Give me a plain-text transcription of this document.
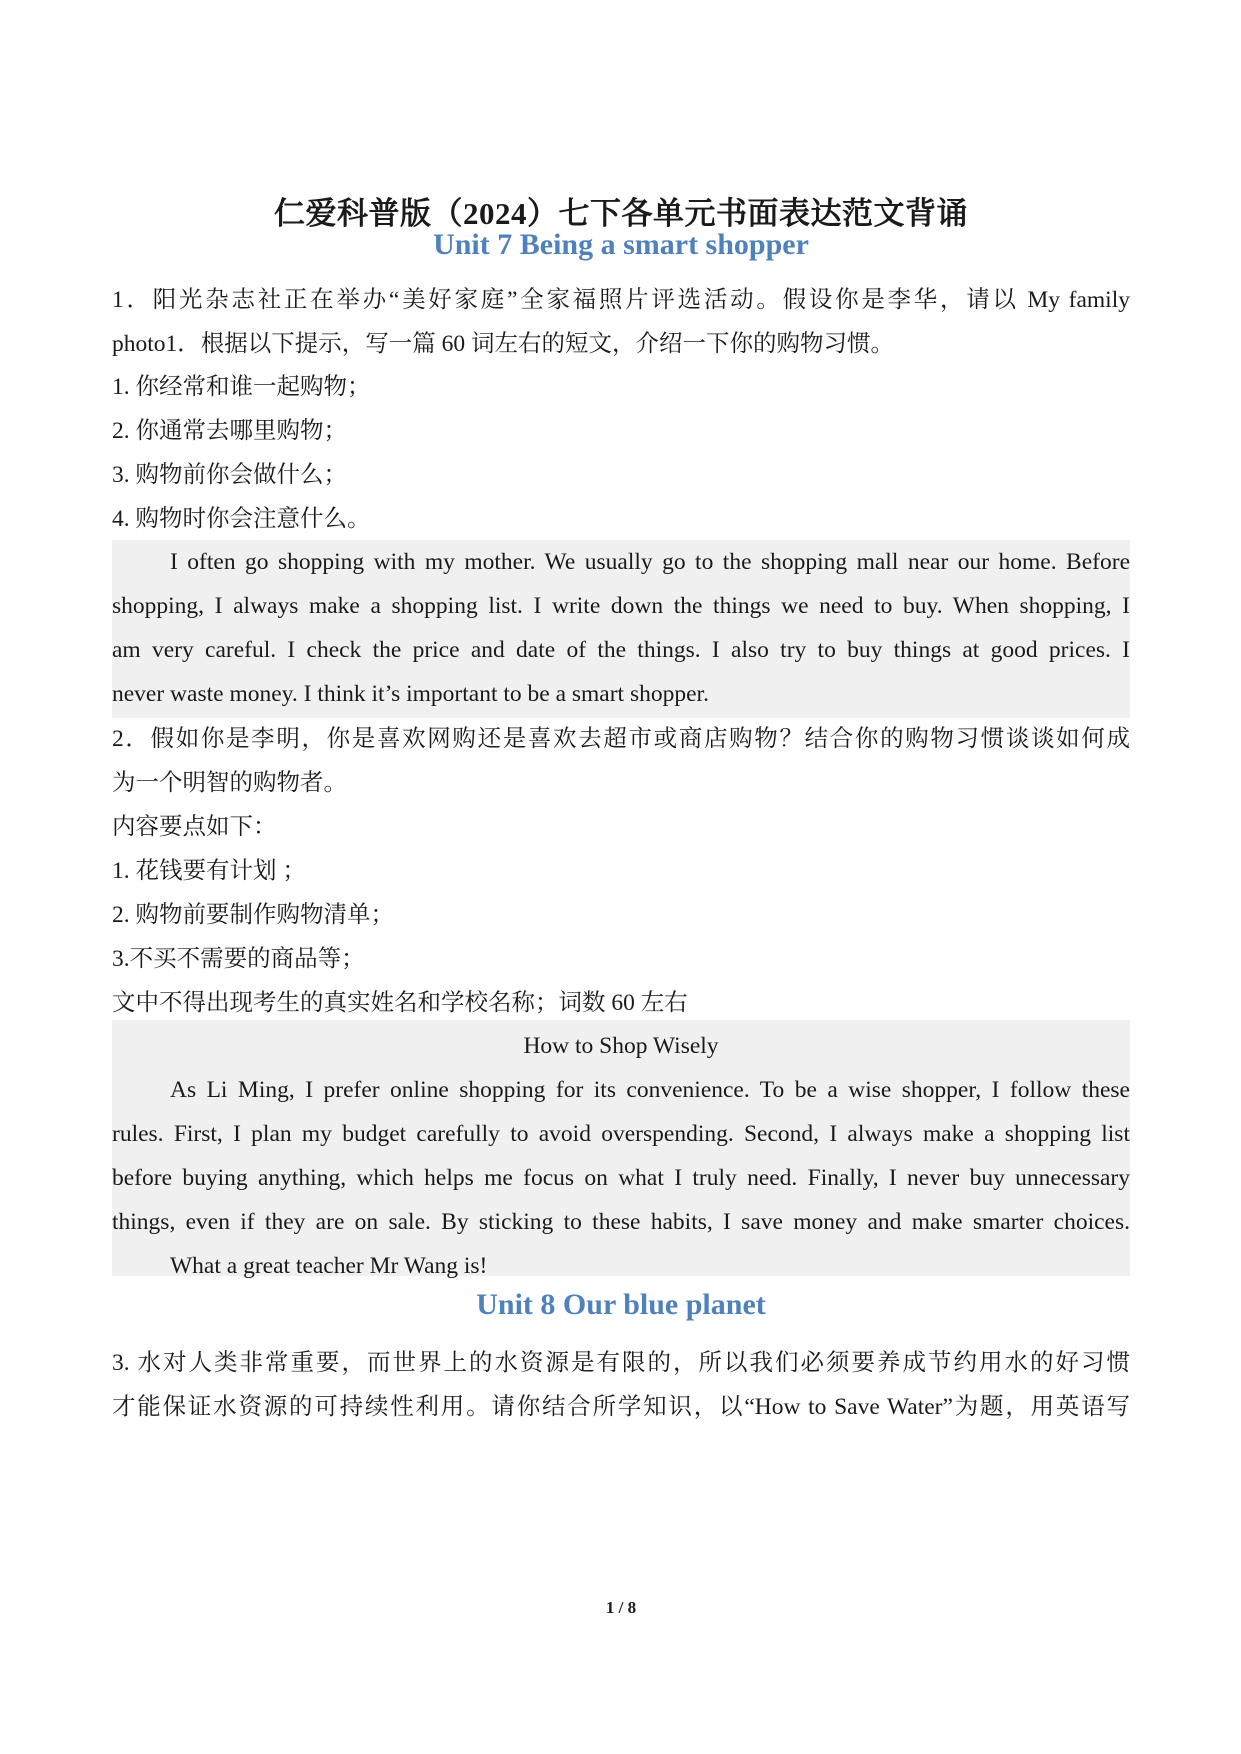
仁爱科普版（2024）七下各单元书面表达范文背诵
Unit 7 Being a smart shopper
1．阳光杂志社正在举办“美好家庭”全家福照片评选活动。假设你是李华，请以 My family
photo1．根据以下提示，写一篇 60 词左右的短文，介绍一下你的购物习惯。
1. 你经常和谁一起购物；
2. 你通常去哪里购物；
3. 购物前你会做什么；
4. 购物时你会注意什么。
I often go shopping with my mother. We usually go to the shopping mall near our home. Before
shopping, I always make a shopping list. I write down the things we need to buy. When shopping, I
am very careful. I check the price and date of the things. I also try to buy things at good prices. I
never waste money. I think it’s important to be a smart shopper.
2．假如你是李明，你是喜欢网购还是喜欢去超市或商店购物？结合你的购物习惯谈谈如何成
为一个明智的购物者。
内容要点如下：
1. 花钱要有计划 ；
2. 购物前要制作购物清单；
3.不买不需要的商品等；
文中不得出现考生的真实姓名和学校名称；词数 60 左右
How to Shop Wisely
As Li Ming, I prefer online shopping for its convenience. To be a wise shopper, I follow these
rules. First, I plan my budget carefully to avoid overspending. Second, I always make a shopping list
before buying anything, which helps me focus on what I truly need. Finally, I never buy unnecessary
things, even if they are on sale. By sticking to these habits, I save money and make smarter choices.
What a great teacher Mr Wang is!
Unit 8 Our blue planet
3. 水对人类非常重要，而世界上的水资源是有限的，所以我们必须要养成节约用水的好习惯
才能保证水资源的可持续性利用。请你结合所学知识，以“How to Save Water”为题，用英语写
1 / 8
